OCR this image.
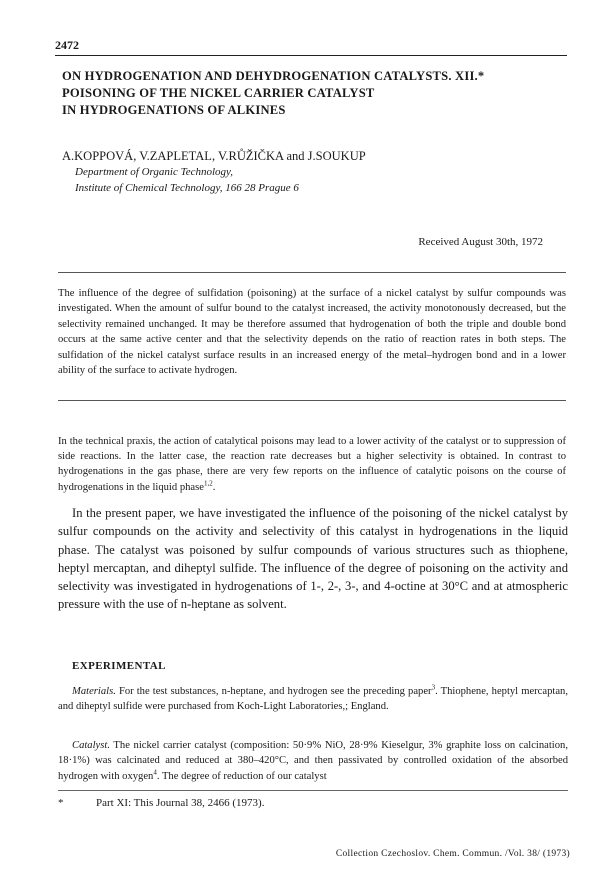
2472
ON HYDROGENATION AND DEHYDROGENATION CATALYSTS. XII.*
POISONING OF THE NICKEL CARRIER CATALYST
IN HYDROGENATIONS OF ALKINES
A.KOPPOVÁ, V.ZAPLETAL, V.RŮŽIČKA and J.SOUKUP
Department of Organic Technology,
Institute of Chemical Technology, 166 28 Prague 6
Received August 30th, 1972
The influence of the degree of sulfidation (poisoning) at the surface of a nickel catalyst by sulfur compounds was investigated. When the amount of sulfur bound to the catalyst increased, the activity monotonously decreased, but the selectivity remained unchanged. It may be therefore assumed that hydrogenation of both the triple and double bond occurs at the same active center and that the selectivity depends on the ratio of reaction rates in both steps. The sulfidation of the nickel catalyst surface results in an increased energy of the metal–hydrogen bond and in a lower ability of the surface to activate hydrogen.
In the technical praxis, the action of catalytical poisons may lead to a lower activity of the catalyst or to suppression of side reactions. In the latter case, the reaction rate decreases but a higher selectivity is obtained. In contrast to hydrogenations in the gas phase, there are very few reports on the influence of catalytic poisons on the course of hydrogenations in the liquid phase$^{1,2}$.
In the present paper, we have investigated the influence of the poisoning of the nickel catalyst by sulfur compounds on the activity and selectivity of this catalyst in hydrogenations in the liquid phase. The catalyst was poisoned by sulfur compounds of various structures such as thiophene, heptyl mercaptan, and diheptyl sulfide. The influence of the degree of poisoning on the activity and selectivity was investigated in hydrogenations of 1-, 2-, 3-, and 4-octine at 30°C and at atmospheric pressure with the use of n-heptane as solvent.
EXPERIMENTAL
Materials. For the test substances, n-heptane, and hydrogen see the preceding paper$^3$. Thiophene, heptyl mercaptan, and diheptyl sulfide were purchased from Koch-Light Laboratories,; England.
Catalyst. The nickel carrier catalyst (composition: 50·9% NiO, 28·9% Kieselgur, 3% graphite loss on calcination, 18·1%) was calcinated and reduced at 380–420°C, and then passivated by controlled oxidation of the absorbed hydrogen with oxygen$^4$. The degree of reduction of our catalyst
*	Part XI: This Journal 38, 2466 (1973).
Collection Czechoslov. Chem. Commun. /Vol. 38/ (1973)
